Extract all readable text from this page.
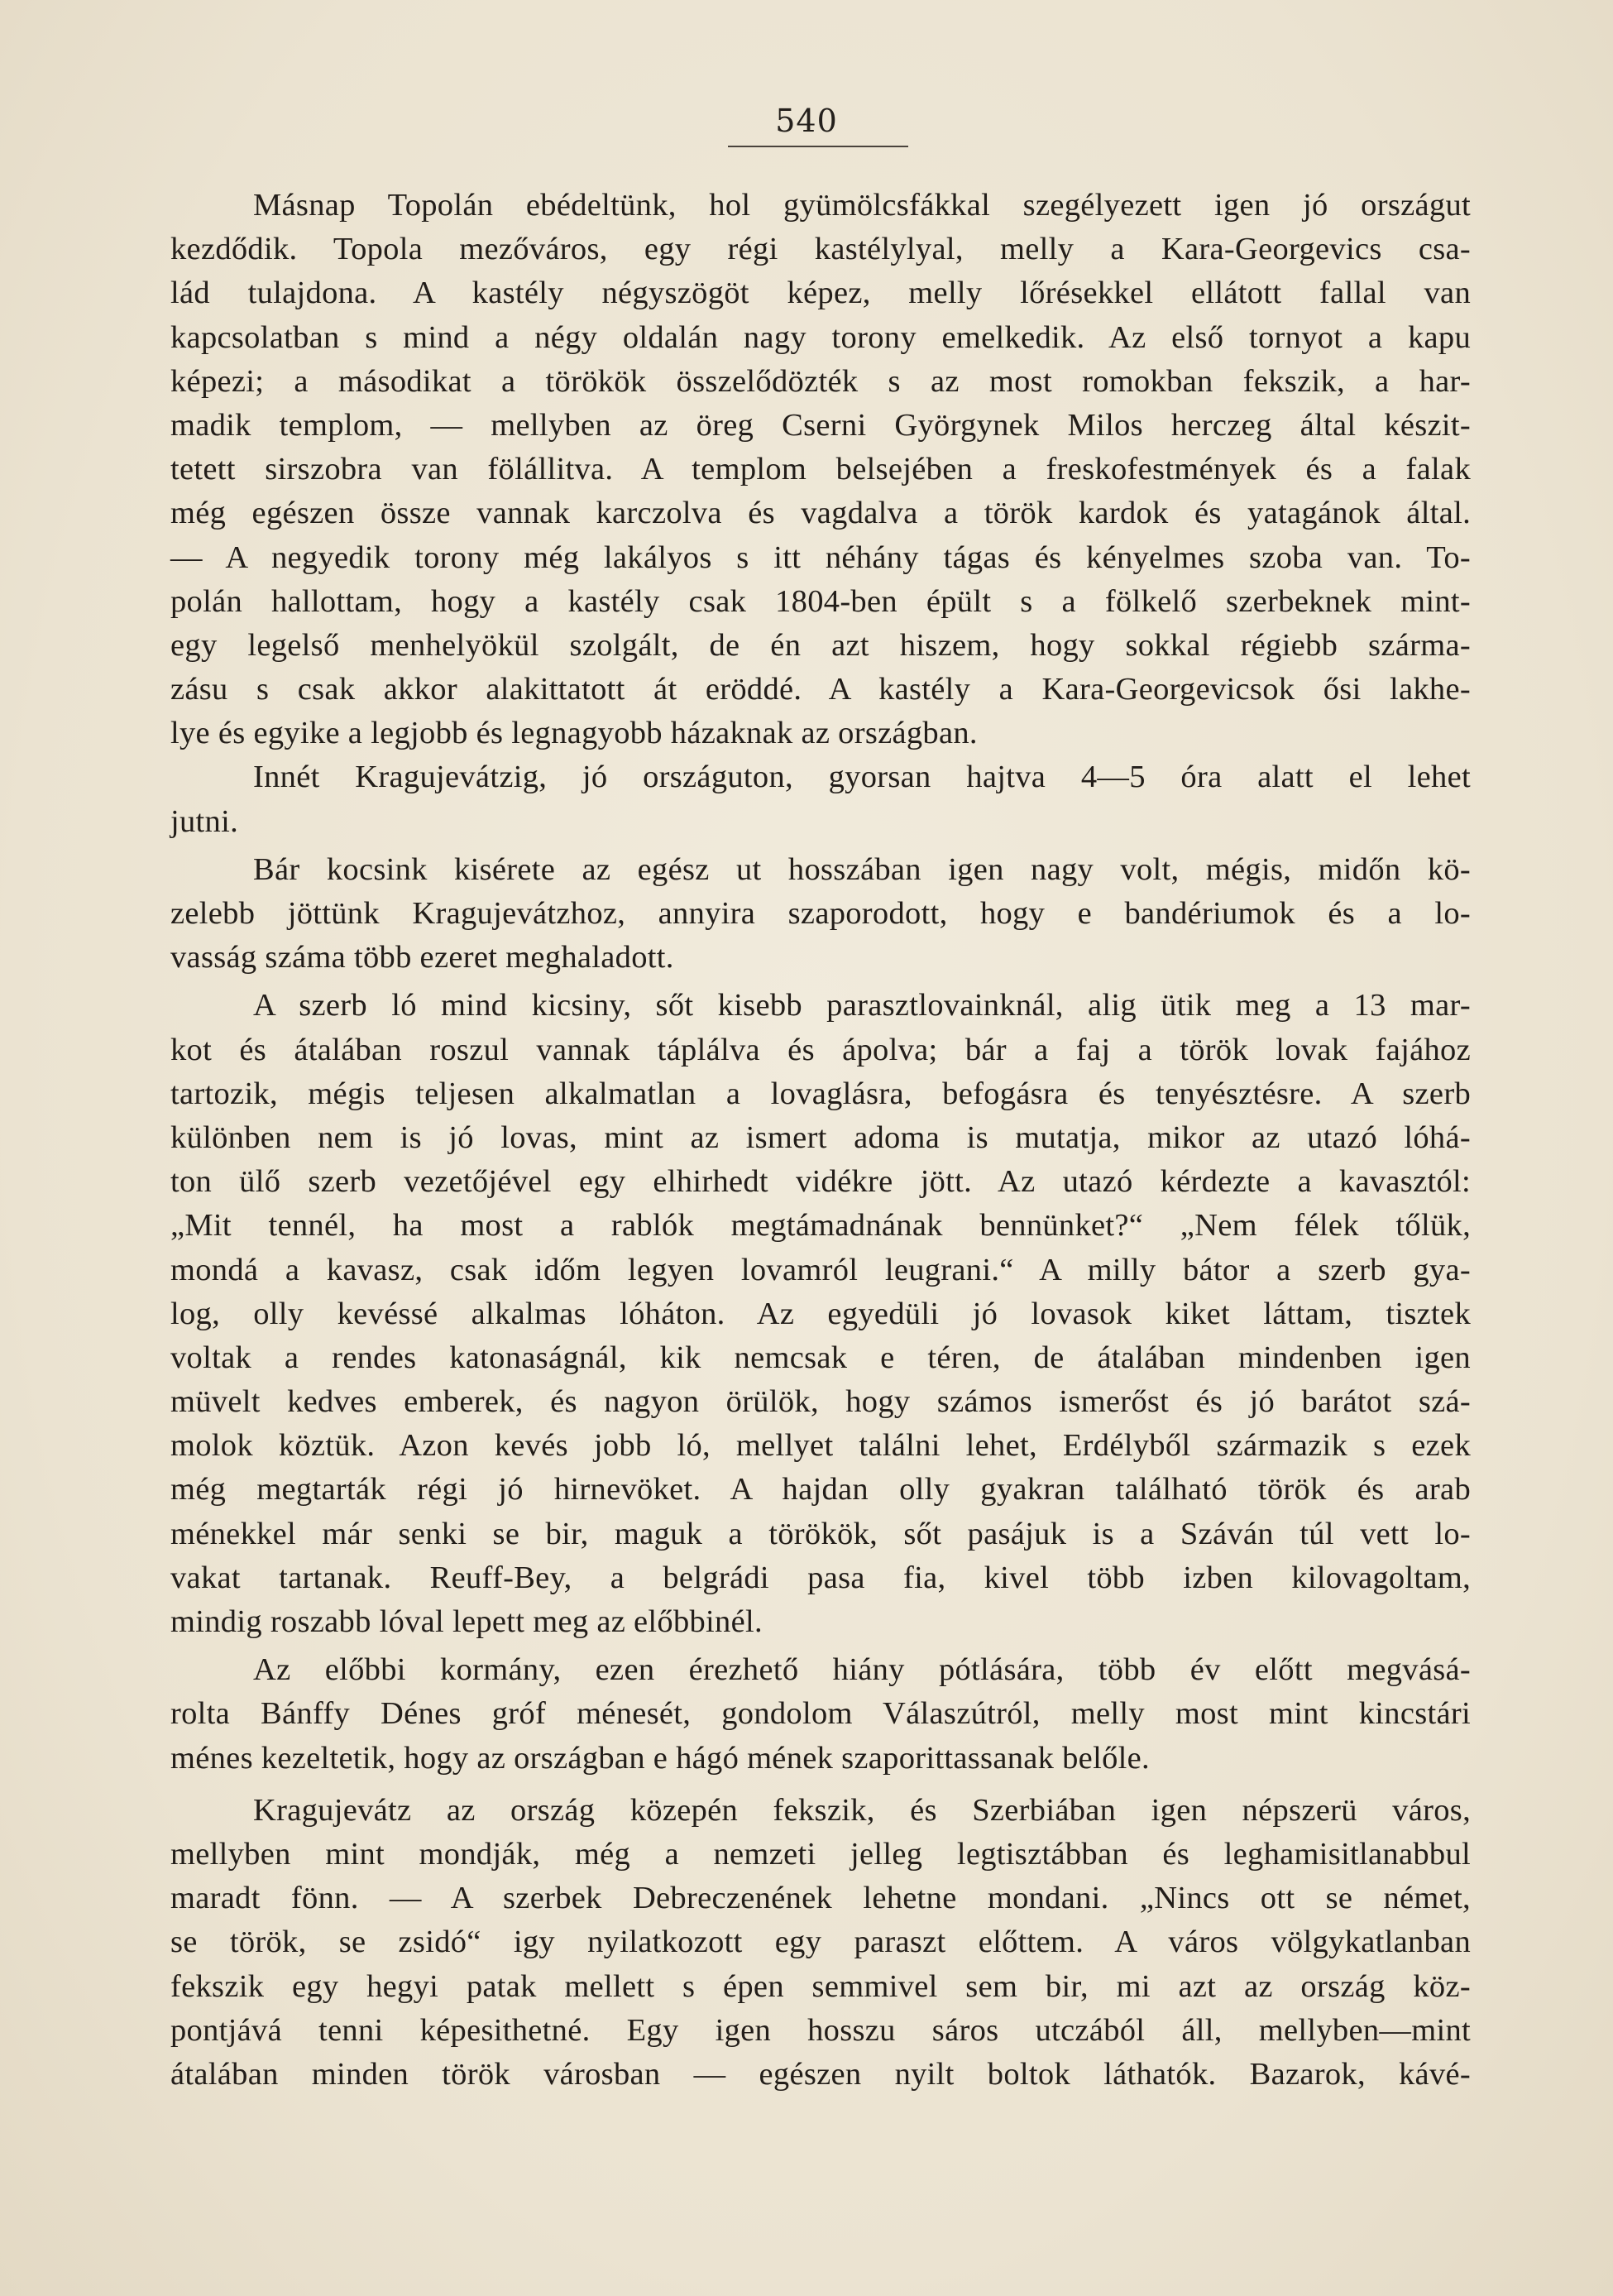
540
Másnap Topolán ebédeltünk, hol gyümölcsfákkal szegélyezett igen jó országut
kezdődik. Topola mezőváros, egy régi kastélylyal, melly a Kara-Georgevics csa-
lád tulajdona. A kastély négyszögöt képez, melly lőrésekkel ellátott fallal van
kapcsolatban s mind a négy oldalán nagy torony emelkedik. Az első tornyot a kapu
képezi; a másodikat a törökök összelődözték s az most romokban fekszik, a har-
madik templom, — mellyben az öreg Cserni Györgynek Milos herczeg által készit-
tetett sirszobra van fölállitva. A templom belsejében a freskofestmények és a falak
még egészen össze vannak karczolva és vagdalva a török kardok és yatagánok által.
— A negyedik torony még lakályos s itt néhány tágas és kényelmes szoba van. To-
polán hallottam, hogy a kastély csak 1804-ben épült s a fölkelő szerbeknek mint-
egy legelső menhelyökül szolgált, de én azt hiszem, hogy sokkal régiebb szárma-
zásu s csak akkor alakittatott át eröddé. A kastély a Kara-Georgevicsok ősi lakhe-
lye és egyike a legjobb és legnagyobb házaknak az országban.
Innét Kragujevátzig, jó országuton, gyorsan hajtva 4—5 óra alatt el lehet
jutni.
Bár kocsink kisérete az egész ut hosszában igen nagy volt, mégis, midőn kö-
zelebb jöttünk Kragujevátzhoz, annyira szaporodott, hogy e bandériumok és a lo-
vasság száma több ezeret meghaladott.
A szerb ló mind kicsiny, sőt kisebb parasztlovainknál, alig ütik meg a 13 mar-
kot és átalában roszul vannak táplálva és ápolva; bár a faj a török lovak fajához
tartozik, mégis teljesen alkalmatlan a lovaglásra, befogásra és tenyésztésre. A szerb
különben nem is jó lovas, mint az ismert adoma is mutatja, mikor az utazó lóhá-
ton ülő szerb vezetőjével egy elhirhedt vidékre jött. Az utazó kérdezte a kavasztól:
„Mit tennél, ha most a rablók megtámadnának bennünket?“ „Nem félek tőlük,
mondá a kavasz, csak időm legyen lovamról leugrani.“ A milly bátor a szerb gya-
log, olly kevéssé alkalmas lóháton. Az egyedüli jó lovasok kiket láttam, tisztek
voltak a rendes katonaságnál, kik nemcsak e téren, de átalában mindenben igen
müvelt kedves emberek, és nagyon örülök, hogy számos ismerőst és jó barátot szá-
molok köztük. Azon kevés jobb ló, mellyet találni lehet, Erdélyből származik s ezek
még megtarták régi jó hirnevöket. A hajdan olly gyakran található török és arab
ménekkel már senki se bir, maguk a törökök, sőt pasájuk is a Száván túl vett lo-
vakat tartanak. Reuff-Bey, a belgrádi pasa fia, kivel több izben kilovagoltam,
mindig roszabb lóval lepett meg az előbbinél.
Az előbbi kormány, ezen érezhető hiány pótlására, több év előtt megvásá-
rolta Bánffy Dénes gróf ménesét, gondolom Válaszútról, melly most mint kincstári
ménes kezeltetik, hogy az országban e hágó mének szaporittassanak belőle.
Kragujevátz az ország közepén fekszik, és Szerbiában igen népszerü város,
mellyben mint mondják, még a nemzeti jelleg legtisztábban és leghamisitlanabbul
maradt fönn. — A szerbek Debreczenének lehetne mondani. „Nincs ott se német,
se török, se zsidó“ igy nyilatkozott egy paraszt előttem. A város völgykatlanban
fekszik egy hegyi patak mellett s épen semmivel sem bir, mi azt az ország köz-
pontjává tenni képesithetné. Egy igen hosszu sáros utczából áll, mellyben—mint
átalában minden török városban — egészen nyilt boltok láthatók. Bazarok, kávé-
